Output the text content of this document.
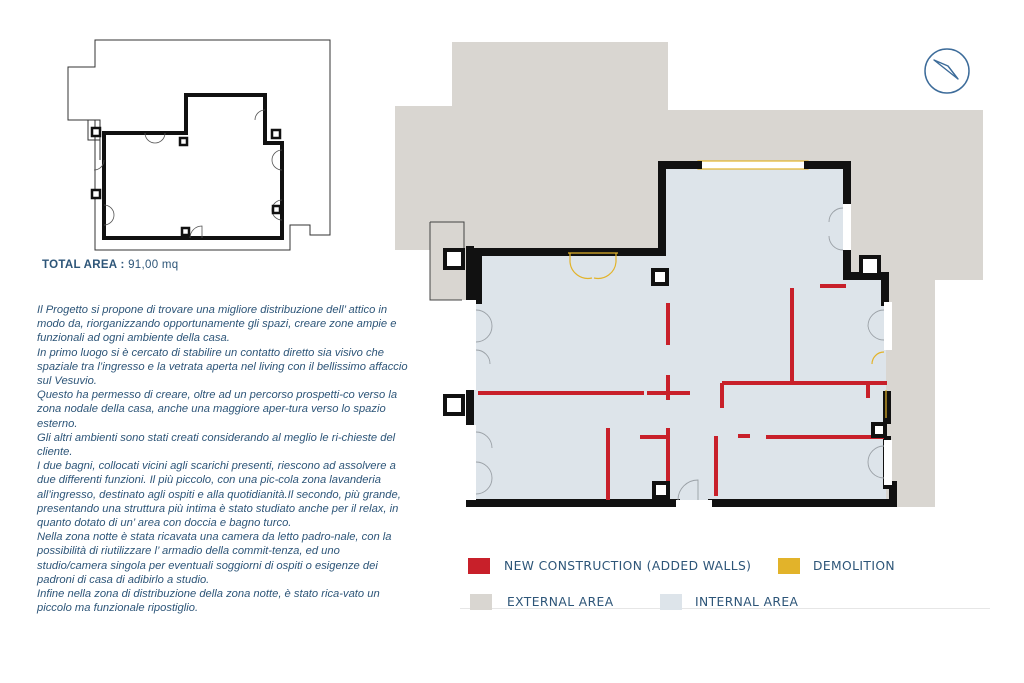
TOTAL AREA : 91,00 mq

Il Progetto si propone di trovare una migliore distribuzione dell’ attico in modo da, riorganizzando opportunamente gli spazi, creare zone ampie e funzionali ad ogni ambiente della casa.

In primo luogo si è cercato di stabilire un contatto diretto sia visivo che spaziale tra l’ingresso e la vetrata aperta nel living con il bellissimo affaccio sul Vesuvio.

Questo ha permesso di creare, oltre ad un percorso prospetti-co verso la zona nodale della casa, anche una maggiore aper-tura verso lo spazio esterno.

Gli altri ambienti sono stati creati considerando al meglio le ri-chieste del cliente.

I due bagni, collocati vicini agli scarichi presenti, riescono ad assolvere a due differenti funzioni. Il più piccolo, con una pic-cola zona lavanderia all’ingresso, destinato agli ospiti e alla quotidianità.Il secondo, più grande, presentando una struttura più intima è stato studiato anche per il relax, in quanto dotato di un’ area con doccia e bagno turco.

Nella zona notte è stata ricavata una camera da letto padro-nale, con la possibilità di riutilizzare l’ armadio della commit-tenza, ed uno studio/camera singola per eventuali soggiorni di ospiti o esigenze dei padroni di casa di adibirlo a studio.

Infine nella zona di distribuzione della zona notte, è stato rica-vato un piccolo ma funzionale ripostiglio.

NEW CONSTRUCTION (ADDED WALLS)	DEMOLITION
EXTERNAL AREA	INTERNAL AREA
